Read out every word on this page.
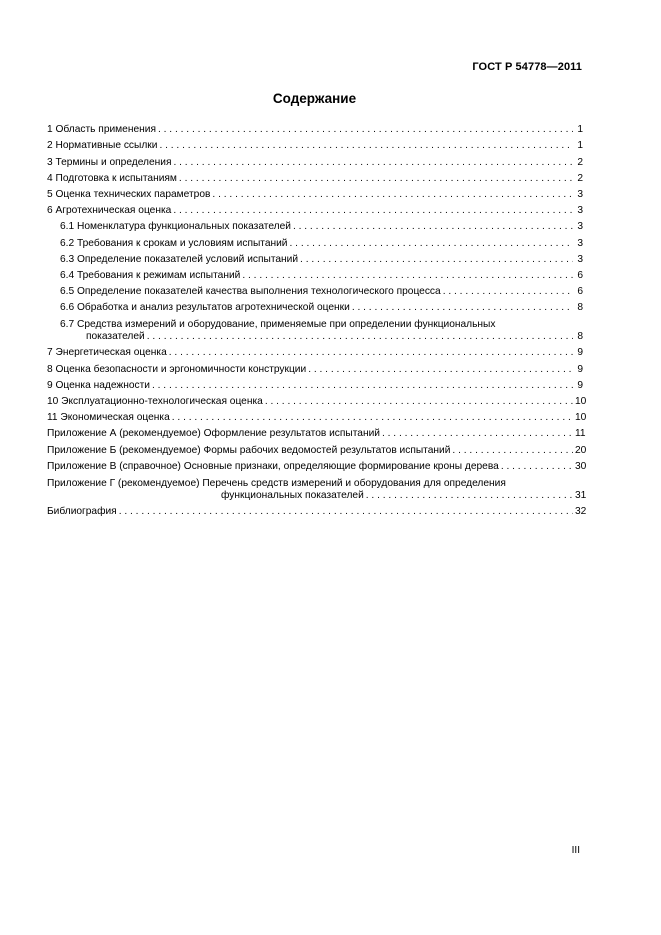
ГОСТ Р 54778—2011
Содержание
1 Область применения . . .	1
2 Нормативные ссылки . . .	1
3 Термины и определения . . .	2
4 Подготовка к испытаниям . . .	2
5 Оценка технических параметров . . .	3
6 Агротехническая оценка . . .	3
6.1 Номенклатура функциональных показателей . . .	3
6.2 Требования к срокам и условиям испытаний . . .	3
6.3 Определение показателей условий испытаний . . .	3
6.4 Требования к режимам испытаний . . .	6
6.5 Определение показателей качества выполнения технологического процесса . . .	6
6.6 Обработка и анализ результатов агротехнической оценки . . .	8
6.7 Средства измерений и оборудование, применяемые при определении функциональных
показателей . . .	8
7 Энергетическая оценка . . .	9
8 Оценка безопасности и эргономичности конструкции . . .	9
9 Оценка надежности . . .	9
10 Эксплуатационно-технологическая оценка . . .	10
11 Экономическая оценка . . .	10
Приложение А (рекомендуемое) Оформление результатов испытаний . . .	11
Приложение Б (рекомендуемое) Формы рабочих ведомостей результатов испытаний . . .	20
Приложение В (справочное) Основные признаки, определяющие формирование кроны дерева . . .	30
Приложение Г (рекомендуемое) Перечень средств измерений и оборудования для определения
функциональных показателей . . .	31
Библиография . . .	32
III
